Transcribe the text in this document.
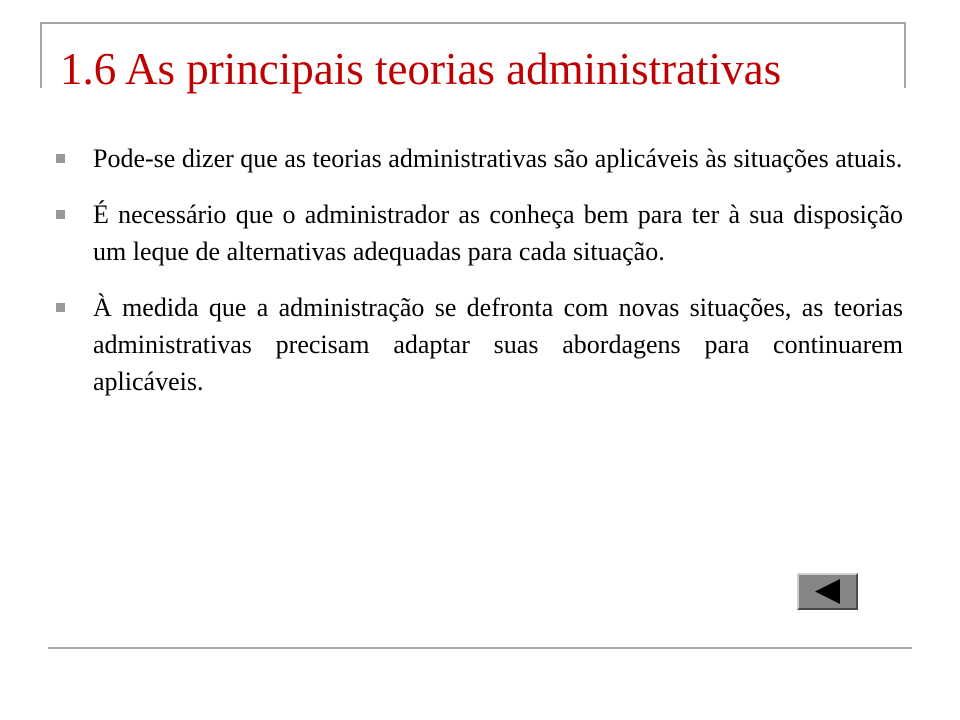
1.6 As principais teorias administrativas
Pode-se dizer que as teorias administrativas são aplicáveis às situações atuais.
É necessário que o administrador as conheça bem para ter à sua disposição um leque de alternativas adequadas para cada situação.
À medida que a administração se defronta com novas situações, as teorias administrativas precisam adaptar suas abordagens para continuarem aplicáveis.
